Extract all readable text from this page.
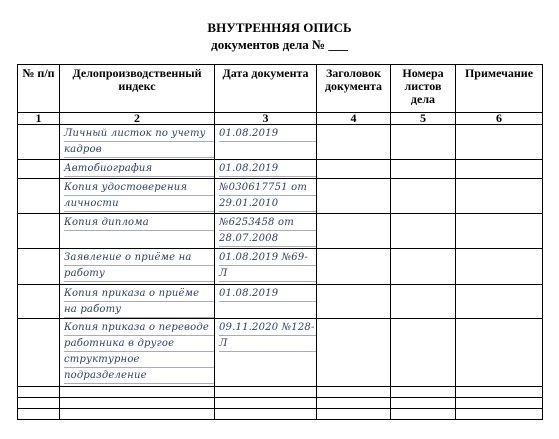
ВНУТРЕННЯЯ ОПИСЬ
документов дела № ___
№ п/п	Делопроизводственный индекс	Дата документа	Заголовок документа	Номера листов дела	Примечание
1	2	3	4	5	6

	Личный листок по учету кадров	01.08.2019			

	Автобиография	01.08.2019			

	Копия удостоверения личности	№030617751 от 29.01.2010			

	Копия диплома	№6253458 от 28.07.2008			

	Заявление о приёме на работу	01.08.2019 №69-Л			

	Копия приказа о приёме на работу	01.08.2019			

	Копия приказа о переводе работника в другое структурное подразделение	09.11.2020 №128-Л			
